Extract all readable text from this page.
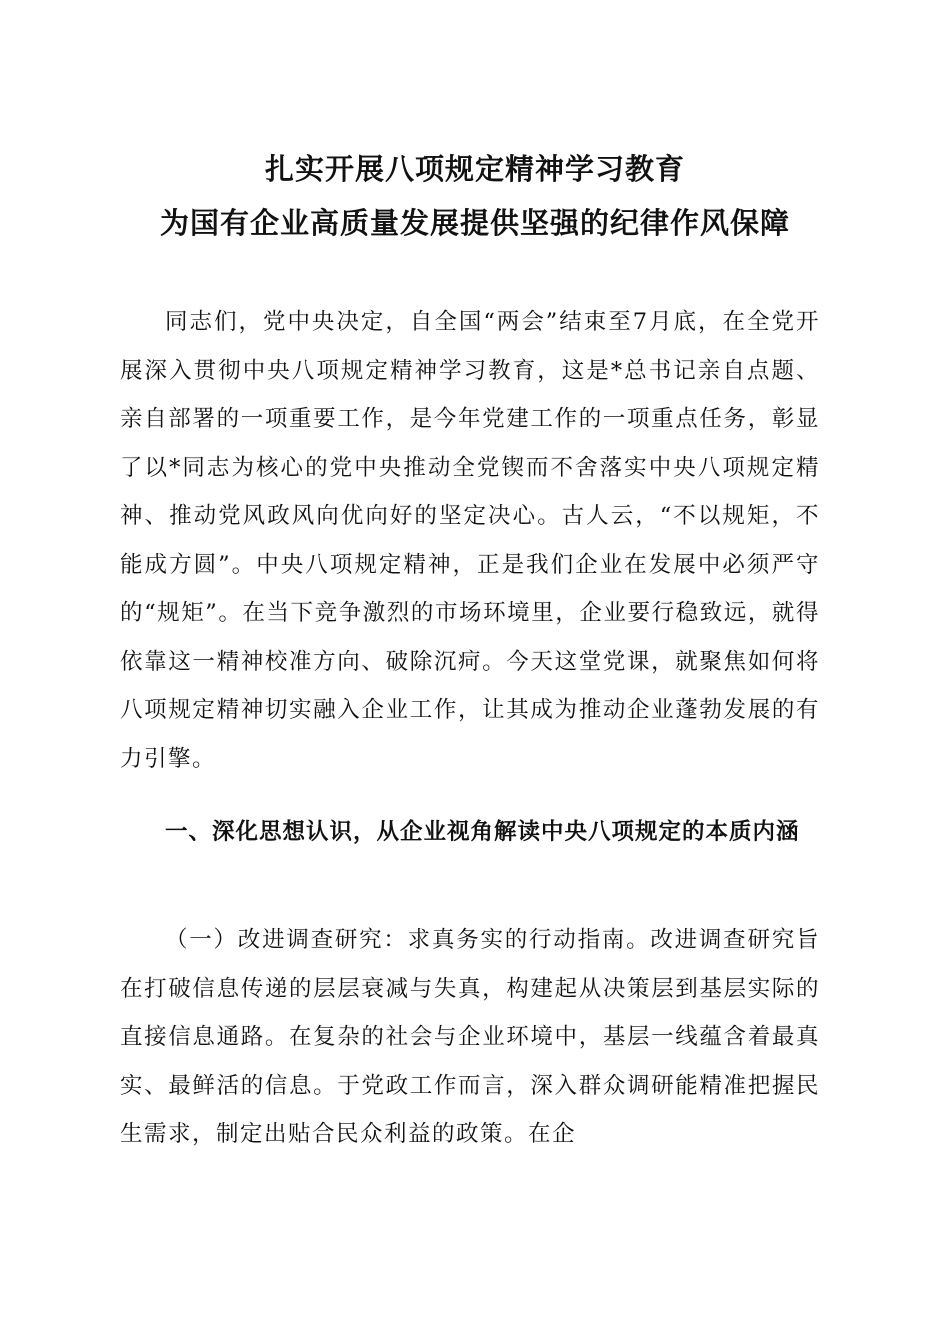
扎实开展八项规定精神学习教育
为国有企业高质量发展提供坚强的纪律作风保障

同志们，党中央决定，自全国“两会”结束至7月底，在全党开展深入贯彻中央八项规定精神学习教育，这是*总书记亲自点题、亲自部署的一项重要工作，是今年党建工作的一项重点任务，彰显了以*同志为核心的党中央推动全党锲而不舍落实中央八项规定精神、推动党风政风向优向好的坚定决心。古人云，“不以规矩，不能成方圆”。中央八项规定精神，正是我们企业在发展中必须严守的“规矩”。在当下竞争激烈的市场环境里，企业要行稳致远，就得依靠这一精神校准方向、破除沉疴。今天这堂党课，就聚焦如何将八项规定精神切实融入企业工作，让其成为推动企业蓬勃发展的有力引擎。

一、深化思想认识，从企业视角解读中央八项规定的本质内涵

（一）改进调查研究：求真务实的行动指南。改进调查研究旨在打破信息传递的层层衰减与失真，构建起从决策层到基层实际的直接信息通路。在复杂的社会与企业环境中，基层一线蕴含着最真实、最鲜活的信息。于党政工作而言，深入群众调研能精准把握民生需求，制定出贴合民众利益的政策。在企
